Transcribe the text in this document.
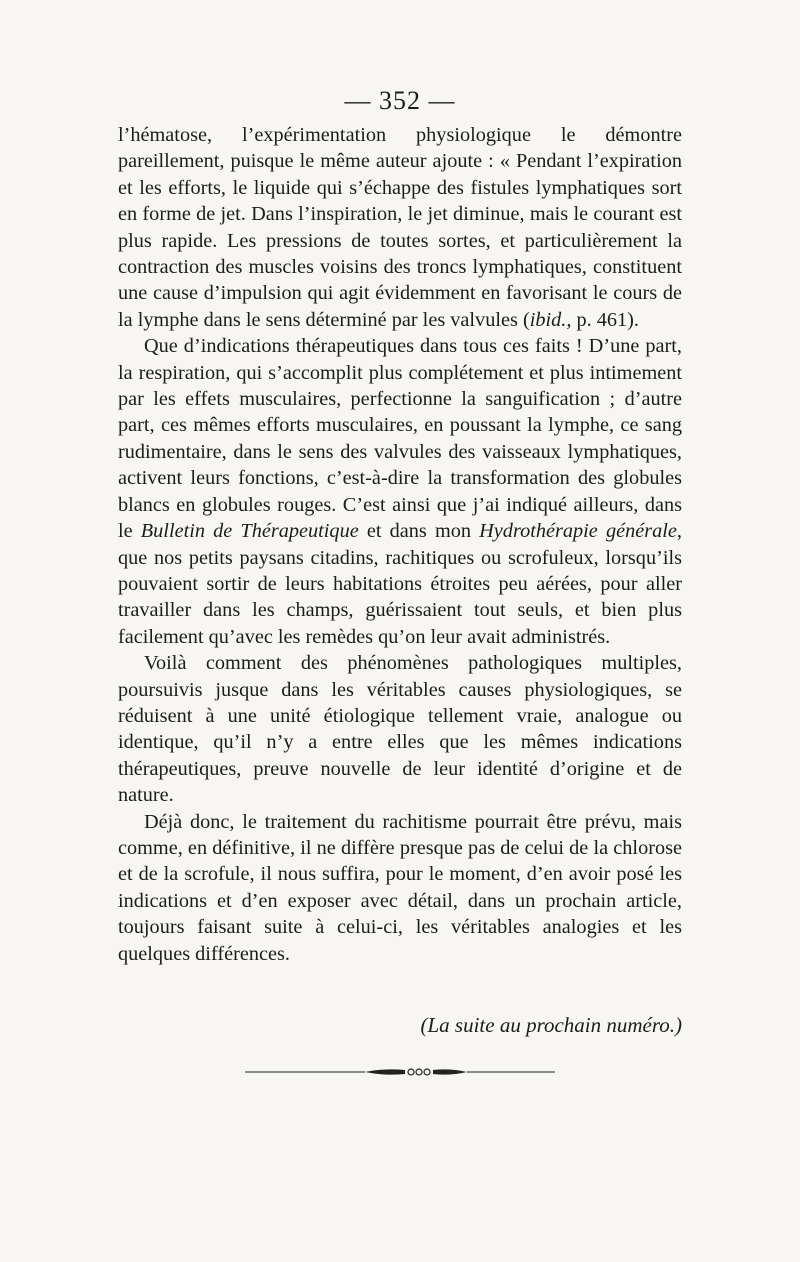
— 352 —

l’hématose, l’expérimentation physiologique le démontre pareillement, puisque le même auteur ajoute : « Pendant l’expiration et les efforts, le liquide qui s’échappe des fistules lymphatiques sort en forme de jet. Dans l’inspiration, le jet diminue, mais le courant est plus rapide. Les pressions de toutes sortes, et particulièrement la contraction des muscles voisins des troncs lymphatiques, constituent une cause d’impulsion qui agit évidemment en favorisant le cours de la lymphe dans le sens déterminé par les valvules (ibid., p. 461).

Que d’indications thérapeutiques dans tous ces faits ! D’une part, la respiration, qui s’accomplit plus complétement et plus intimement par les effets musculaires, perfectionne la sanguification ; d’autre part, ces mêmes efforts musculaires, en poussant la lymphe, ce sang rudimentaire, dans le sens des valvules des vaisseaux lymphatiques, activent leurs fonctions, c’est-à-dire la transformation des globules blancs en globules rouges. C’est ainsi que j’ai indiqué ailleurs, dans le Bulletin de Thérapeutique et dans mon Hydrothérapie générale, que nos petits paysans citadins, rachitiques ou scrofuleux, lorsqu’ils pouvaient sortir de leurs habitations étroites peu aérées, pour aller travailler dans les champs, guérissaient tout seuls, et bien plus facilement qu’avec les remèdes qu’on leur avait administrés.

Voilà comment des phénomènes pathologiques multiples, poursuivis jusque dans les véritables causes physiologiques, se réduisent à une unité étiologique tellement vraie, analogue ou identique, qu’il n’y a entre elles que les mêmes indications thérapeutiques, preuve nouvelle de leur identité d’origine et de nature.

Déjà donc, le traitement du rachitisme pourrait être prévu, mais comme, en définitive, il ne diffère presque pas de celui de la chlorose et de la scrofule, il nous suffira, pour le moment, d’en avoir posé les indications et d’en exposer avec détail, dans un prochain article, toujours faisant suite à celui-ci, les véritables analogies et les quelques différences.

(La suite au prochain numéro.)
